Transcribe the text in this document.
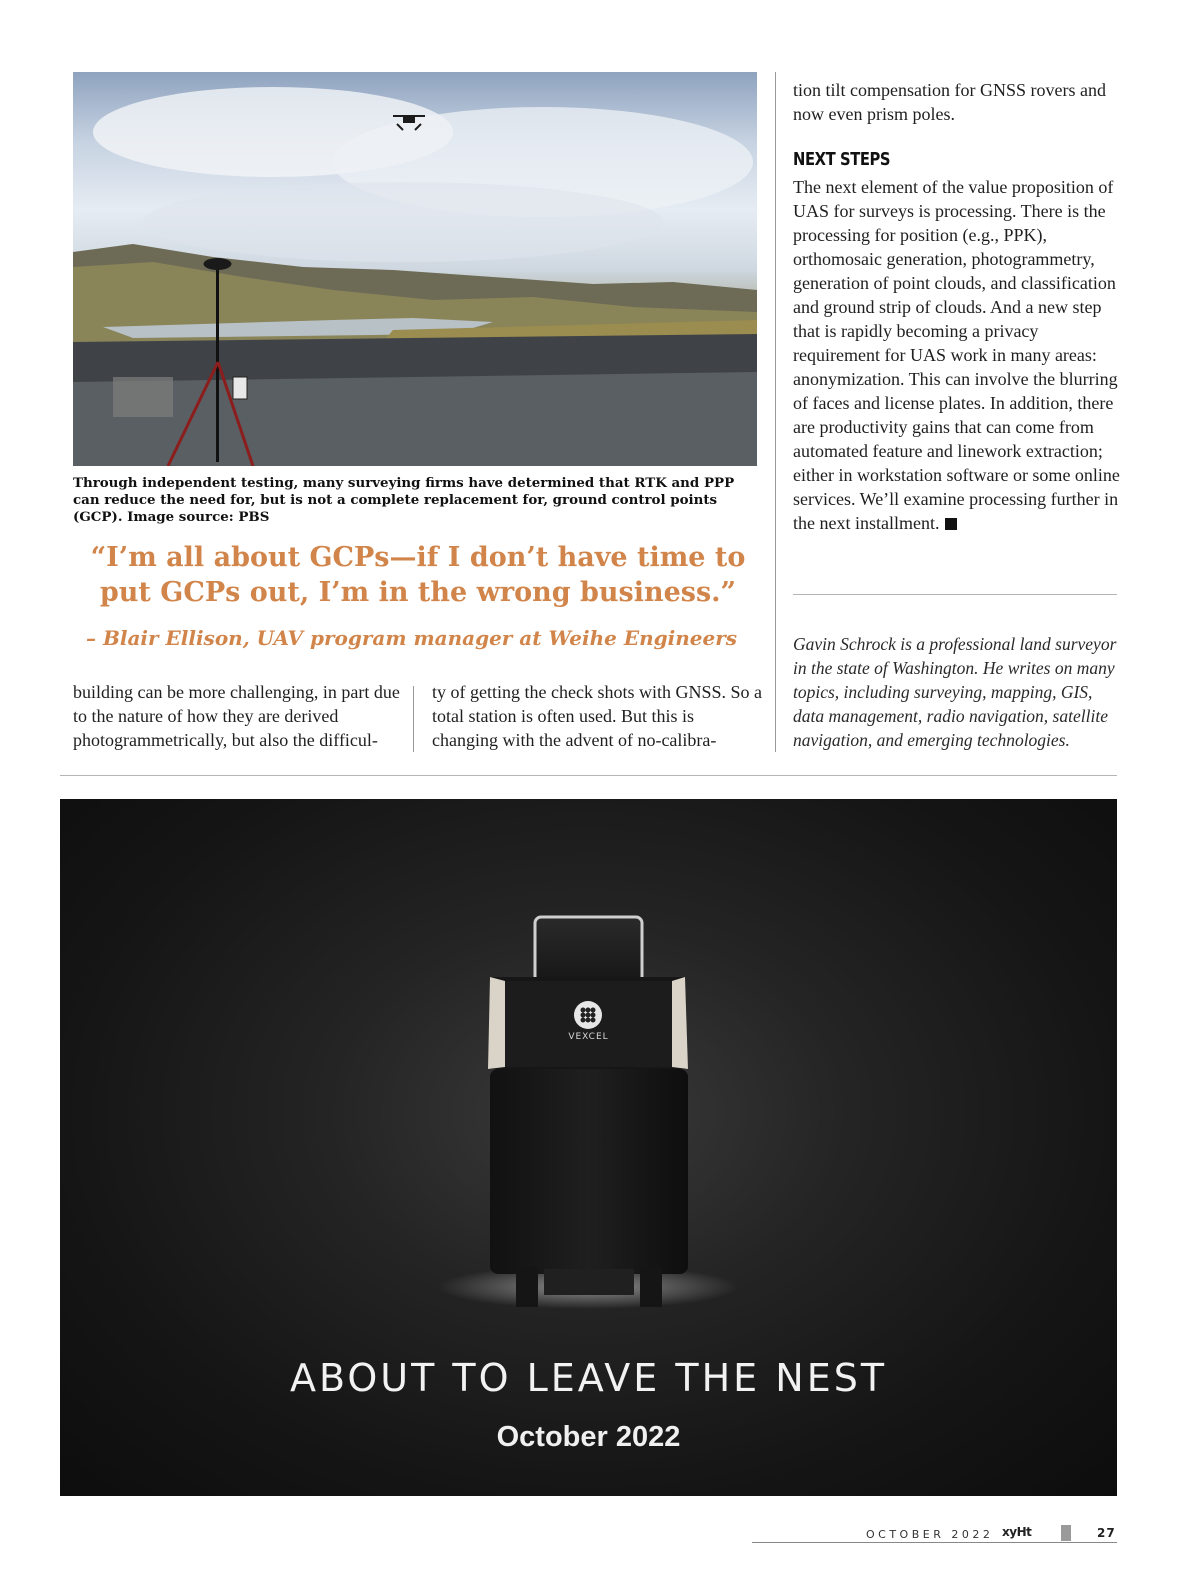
Through independent testing, many surveying firms have determined that RTK and PPP can reduce the need for, but is not a complete replacement for, ground control points (GCP). Image source: PBS
“I’m all about GCPs—if I don’t have time to put GCPs out, I’m in the wrong business.”
– Blair Ellison, UAV program manager at Weihe Engineers
building can be more challenging, in part due to the nature of how they are derived photogrammetrically, but also the difficul-
ty of getting the check shots with GNSS. So a total station is often used. But this is changing with the advent of no-calibra-
tion tilt compensation for GNSS rovers and now even prism poles.
NEXT STEPS
The next element of the value proposition of UAS for surveys is processing. There is the processing for position (e.g., PPK), orthomosaic generation, photogrammetry, generation of point clouds, and classification and ground strip of clouds. And a new step that is rapidly becoming a privacy requirement for UAS work in many areas: anonymization. This can involve the blurring of faces and license plates. In addition, there are productivity gains that can come from automated feature and linework extraction; either in workstation software or some online services. We’ll examine processing further in the next installment.
Gavin Schrock is a professional land surveyor in the state of Washington. He writes on many topics, including surveying, mapping, GIS, data management, radio navigation, satellite navigation, and emerging technologies.
VEXCEL
ABOUT TO LEAVE THE NEST
October 2022
OCTOBER 2022 xyHt	27
